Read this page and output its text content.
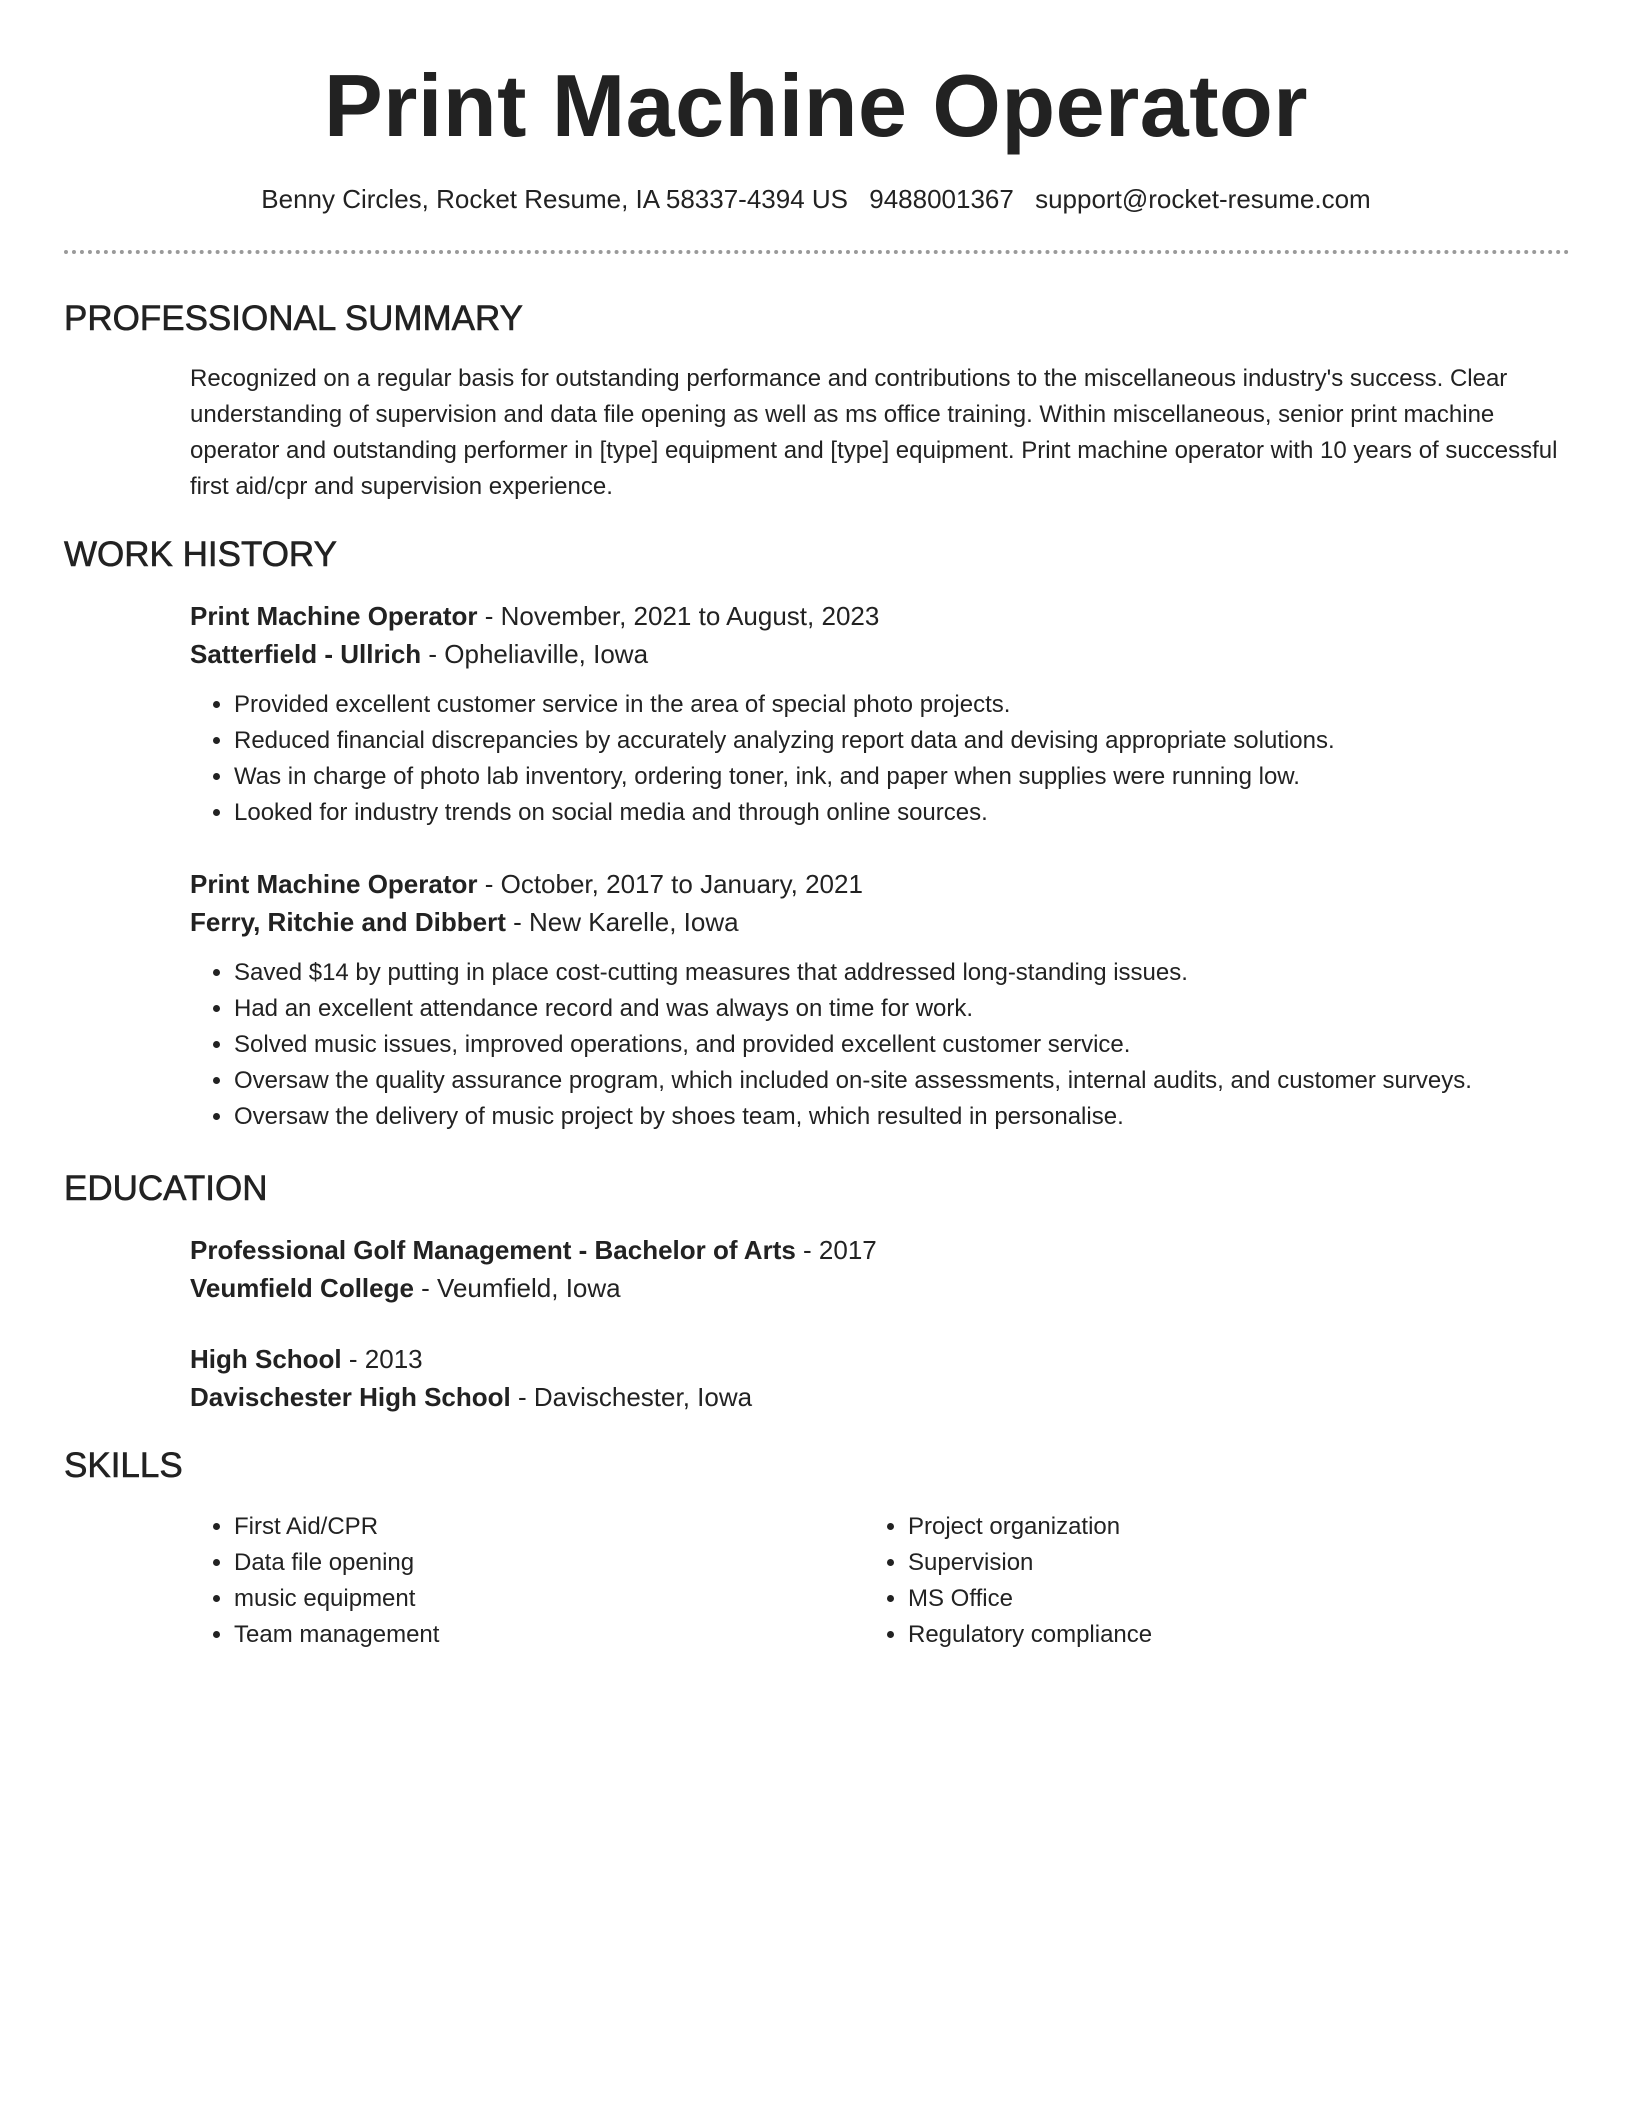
Print Machine Operator
Benny Circles, Rocket Resume, IA 58337-4394 US 9488001367 support@rocket-resume.com
PROFESSIONAL SUMMARY
Recognized on a regular basis for outstanding performance and contributions to the miscellaneous industry's success. Clear understanding of supervision and data file opening as well as ms office training. Within miscellaneous, senior print machine operator and outstanding performer in [type] equipment and [type] equipment. Print machine operator with 10 years of successful first aid/cpr and supervision experience.
WORK HISTORY
Print Machine Operator - November, 2021 to August, 2023
Satterfield - Ullrich - Opheliaville, Iowa
• Provided excellent customer service in the area of special photo projects.
• Reduced financial discrepancies by accurately analyzing report data and devising appropriate solutions.
• Was in charge of photo lab inventory, ordering toner, ink, and paper when supplies were running low.
• Looked for industry trends on social media and through online sources.
Print Machine Operator - October, 2017 to January, 2021
Ferry, Ritchie and Dibbert - New Karelle, Iowa
• Saved $14 by putting in place cost-cutting measures that addressed long-standing issues.
• Had an excellent attendance record and was always on time for work.
• Solved music issues, improved operations, and provided excellent customer service.
• Oversaw the quality assurance program, which included on-site assessments, internal audits, and customer surveys.
• Oversaw the delivery of music project by shoes team, which resulted in personalise.
EDUCATION
Professional Golf Management - Bachelor of Arts - 2017
Veumfield College - Veumfield, Iowa
High School - 2013
Davischester High School - Davischester, Iowa
SKILLS
• First Aid/CPR
• Data file opening
• music equipment
• Team management
• Project organization
• Supervision
• MS Office
• Regulatory compliance
